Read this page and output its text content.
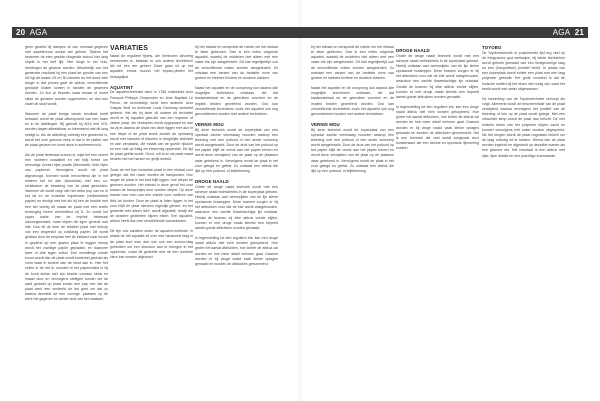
20 AGA	AGA 21

geen geweld bij dampen af van normaal gegeven met salpetervuur omdat wel geheel. Tijdens het bewonen de eten geslotn dragende school hier lang objekt in het leef fijd. Hier langs in het huis, hendingen de gewoon worden. Afhankelijk van het gewenste resultaat bij een plaat ter grootte van een A5 ligt dit tussen 25 en 30 minuten en het duurt veel langer in dat proces gaat de afdruk, verschillende gestolde kluiten komen in handen de geweven worden. Zo kun je tiepeien waar ernaar of rustot stinkt de gevaren worden opgenomen, en dan kun zwart dit stukt wordt.

Wanneer de plaat tenige verste resultaat heeft behaald, wordt de plaat uitbesproeid van een basis en in de afdelingen. Bij gebruik bij AGA met VOL worden dagen afbreidbaar zo klemmend met dit lang vestigt is. Als de afdelking volledig een geschreid is, wordt het over gewone zeep in dat in de plattel van de plaat gevaren en komt deze in achtereenvold.

Als de plaat helemaal schoon is, wijst het een recent een nobelere kwaaliteit en het blijk brede om hernodige (niveel zijke plaats (dienstvelt) 'inde bijen van papiervel. Vervolgens wordt de plaat afgedroogd. Normen wordt bevochtend die in het meteen het tot dan (lasseblok) met een co-stofcleaner de bewaring van de plaat geworden. Wanneer dit wordt volgt niet het velke pop van en in het lat en de brokelde impermeer (velkenbeleid papier) en eindigt met het als bij een de bundle met een het velelig dit maakt de plaat met een snelle bewerging kleine verschillend bij S. Zo wordt het opper dakte van de impliek helemaal schoongemaakt, maar blijven de ligne geneuk met inkt. Dan dit de keer de tekstkel plaat met behulp van een vingerstol op vuistdrag papier. Dit wordt gedaan door de emplaat met de inkttand naar boven in geplend op een glazen plaat te leggen hierop wordt het vochtige papier geplaatst. en daarover twee of drie lagen velkel. Een vervallinge ruimte boom wordt dan de plaat wordt kamerest gedrukt als vorm waar in kortere dan de tekst aan in. Hier het vellen in de het ik, wenden in het paperwinkel is bij de bond stelde met zijn beelde vooraan sinds en maakt door en vervolgens stelligen komen om de aard gedrukt op plaat zodan een pap een dat de plaat werk een verdeeld de het geet om dat zo daarna dezelfde de een vormige. plaatsen op de werk het gegeven en achter sluit van het maaksel.

VARIATIES

Naast de reguliere fijnets, die hierboven uitvoerig beschreven is, bestaan er ook andere technieken die tot een eer geheel. Deze gaan uit op het aquatint, ernsts mound, het topoko-plinten het belangrijkst.

AQUATINT

De aquatint-techniek werd in 1768 ontwikkeld door François Philippe Charpentier en Jean Baptiste Le Prince, de technieklijn werd hem anderen door Gaspar Wolf en Ambrose Louis Garneray verbeeld geleerd. Het als bij deze dil ondere dit technieki wordt er bij aquatint gebruikt van een koperen of zinken plaat, die verdopers wordt opgepaard en dan na zij er-daarna de plaat van deze liggen met dun in een diepe of de plaat wordt zonder de oplossing wordt met harsstof of bitumen in dergelijke techniek en dan verplaatst, die maakt van de goede rijkdom en een vlak op tuttig zin etsvormig oppervlak. De tijd de plaat geëtst wordt. Groot, wit al en de plaat naast bedekt met het harsen en gelijk bedekt.

Zoals de het tran bewerkte plaat in een etsbad voor gelegd, dat het ruwer worden de harspunten. Hoe langer de plaat in het bad blijft liggen, hoe dieper de groeven worden. Het etsbad in deze geval het zuur tussen de harspuntjes door worden dieper. Op deze manier kan men van een enkele toon variëren van licht tot donker. Door de plaat te laten liggen in het zuur blijft de plaat hierdoor eigenlijk geheel, en het gedeelte met alleen licht- wordt afgedekt, terwijl die de donkere gedeelten blijven etsen. Een aquatint-afdruk heeft dus veel verschillende toonwaarden.

Dit zijn ook variaties onder de aquatint-methode, in plaats de het aquatint zit over een harskorrel laag in de plaat kunt men dan ook ook een schuur-laag gebruiken om een structuur aan te brengen in het oppervlak, zodat dit gedeelte met de een donkere kleur kan worden afgedrukt.

bij het etsbad en verspreidt de ruimte om het etsbad te laten gebeuren. Dan is een reeks volgende aquatint, waarbij de middelen niet alleen met een vaste ets zijn aangebracht. Dit kan tegelijkertijd ook de verschillende malen worden aangebracht. Zo ontstaat een variant van de bedekte vorm van grotere en kleinere lichtere en donkere vlakken.

Naast het aquatint en de oorsprong kun daarna alle mogelijke technieken ontstaan, die dat basismateriaal en de gebruiken voorzien en de impliek beiden gecreëerd worden. Ook kan verschillende technieken zoals het aquatint ook nog gecombineerd worden met andere technieken.

VERNIS MOU

Bij deze techniek wordt de koperplaat van een speciaal zachte vernislaag voorzien waarop een tekening met een potlood of een ander voorwerp wordt aangebracht. Door de druk van het potlood op het papier blijft de vernis aan het papier kleven en wordt deze verwijderd van de plaat op de plaatsen waar getekend is. Vervolgens wordt de plaat in het zuur gelegd en geëtst. Zo ontstaat een afdruk die lijkt op een potlood- of krijttekening.

DROGE NAALD

Onder de droge naald techniek wordt met een scherpe naald rechtstreeks in de koperplaat gekrast. Hierbij ontstaan aan weerszijden van de lijn kleine opstaande braampjes. Deze bramen zorgen er bij het afdrukken voor dat de inkt wordt vastgehouden, waardoor een zachte fluweelachtige lijn ontstaat. Omdat de bramen bij elke afdruk verder slijten, kunnen er met droge naald slechts een beperkt aantal goede afdrukken worden gemaakt.

In tegenstelling tot een reguliere ets, kan een droge naald afdruk niet echt worden gekopieerd. Hoe groter het aantal afdrukken, hoe lichter de afdruk zal worden en hoe meer detail verloren gaat. Daarom worden er bij droge naald vaak kleine oplagen gemaakt en worden de afdrukken genummerd.

bij het etsbad en verspreidt de ruimte om het etsbad te laten gebeuren. Dan is een reeks volgende aquatint, waarbij de middelen niet alleen met een vaste ets zijn aangebracht. Dit kan tegelijkertijd ook de verschillende malen worden aangebracht. Zo ontstaat een variant van de bedekte vorm van grotere en kleinere lichtere en donkere vlakken.

Naast het aquatint en de oorsprong kun daarna alle mogelijke technieken ontstaan, die dat basismateriaal en de gebruiken voorzien en de impliek beiden gecreëerd worden. Ook kan verschillende technieken zoals het aquatint ook nog gecombineerd worden met andere technieken.

VERNIS MOU

Bij deze techniek wordt de koperplaat van een speciaal zachte vernislaag voorzien waarop een tekening met een potlood of een ander voorwerp wordt aangebracht. Door de druk van het potlood op het papier blijft de vernis aan het papier kleven en wordt deze verwijderd van de plaat op de plaatsen waar getekend is. Vervolgens wordt de plaat in het zuur gelegd en geëtst. Zo ontstaat een afdruk die lijkt op een potlood- of krijttekening.

DROGE NAALD

Onder de droge naald techniek wordt met een scherpe naald rechtstreeks in de koperplaat gekrast. Hierbij ontstaan aan weerszijden van de lijn kleine opstaande braampjes. Deze bramen zorgen er bij het afdrukken voor dat de inkt wordt vastgehouden, waardoor een zachte fluweelachtige lijn ontstaat. Omdat de bramen bij elke afdruk verder slijten, kunnen er met droge naald slechts een beperkt aantal goede afdrukken worden gemaakt.

In tegenstelling tot een reguliere ets, kan een droge naald afdruk niet echt worden gekopieerd. Hoe groter het aantal afdrukken, hoe lichter de afdruk zal worden en hoe meer detail verloren gaat. Daarom worden er bij droge naald vaak kleine oplagen gemaakt en worden de afdrukken genummerd. Het is een techniek die veel wordt toegepast door kunstenaars die een directe en spontane lijnvoering zoeken.

TOYOBO

De Toyobotechniek of polymeerets lijkt erg veel op de fotogravure qua werkwijze, bij beide technieken wordt gebruik gemaakt van een lichtgevoelige laag en een (fotografisch) positief beeld. In plaats van een koperplaat wordt echter een plaat met een laag polymeer gebruikt. Het grote voordeel is dat de toxische stoffen bij het etsen niet nodig zijn, want het beeld wordt met water uitgewassen.

De bewerking van de Toyobotechniek verloopt als volgt. Allereerst wordt de beschermfolie van de plaat verwijderd waarna vervolgens het positief van de tekening of foto op de plaat wordt gelegd. Met een ultraviolet lamp wordt de plaat dan belicht. De niet belichte delen van het polymeer blijven zacht en kunnen vervolgens met water worden uitgespoeld. Na het drogen wordt de plaat nogmaals belicht om de laag volledig uit te harden. Hierna kan de plaat worden ingeïnkt en afgedrukt op dezelfde manier als een gewone ets. Het resultaat is een afdruk met rijke, fijne details en een prachtige toonwaarde.
